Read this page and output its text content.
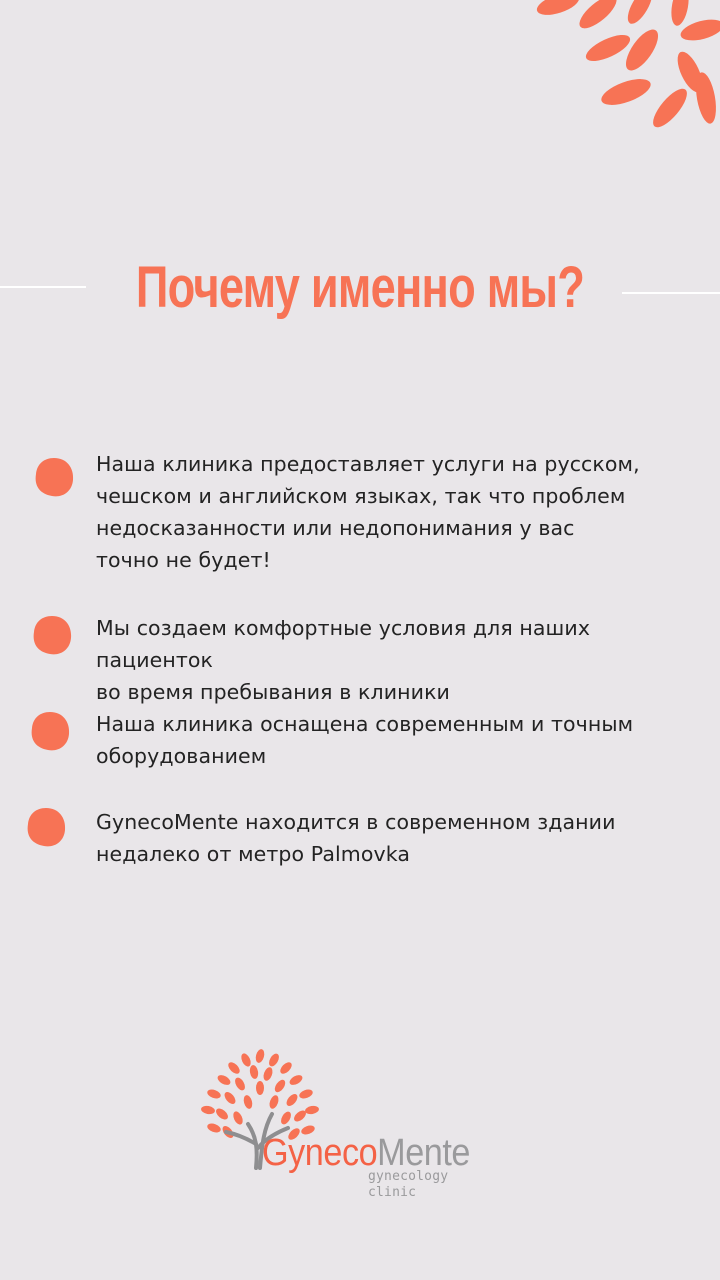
Почему именно мы?

Наша клиника предоставляет услуги на русском,
чешском и английском языках, так что проблем
недосказанности или недопонимания у вас
точно не будет!

Мы создаем комфортные условия для наших пациенток
во время пребывания в клиники

Наша клиника оснащена современным и точным
оборудованием

GynecoMente находится в современном здании
недалеко от метро Palmovka

GynecoMente
gynecology clinic
